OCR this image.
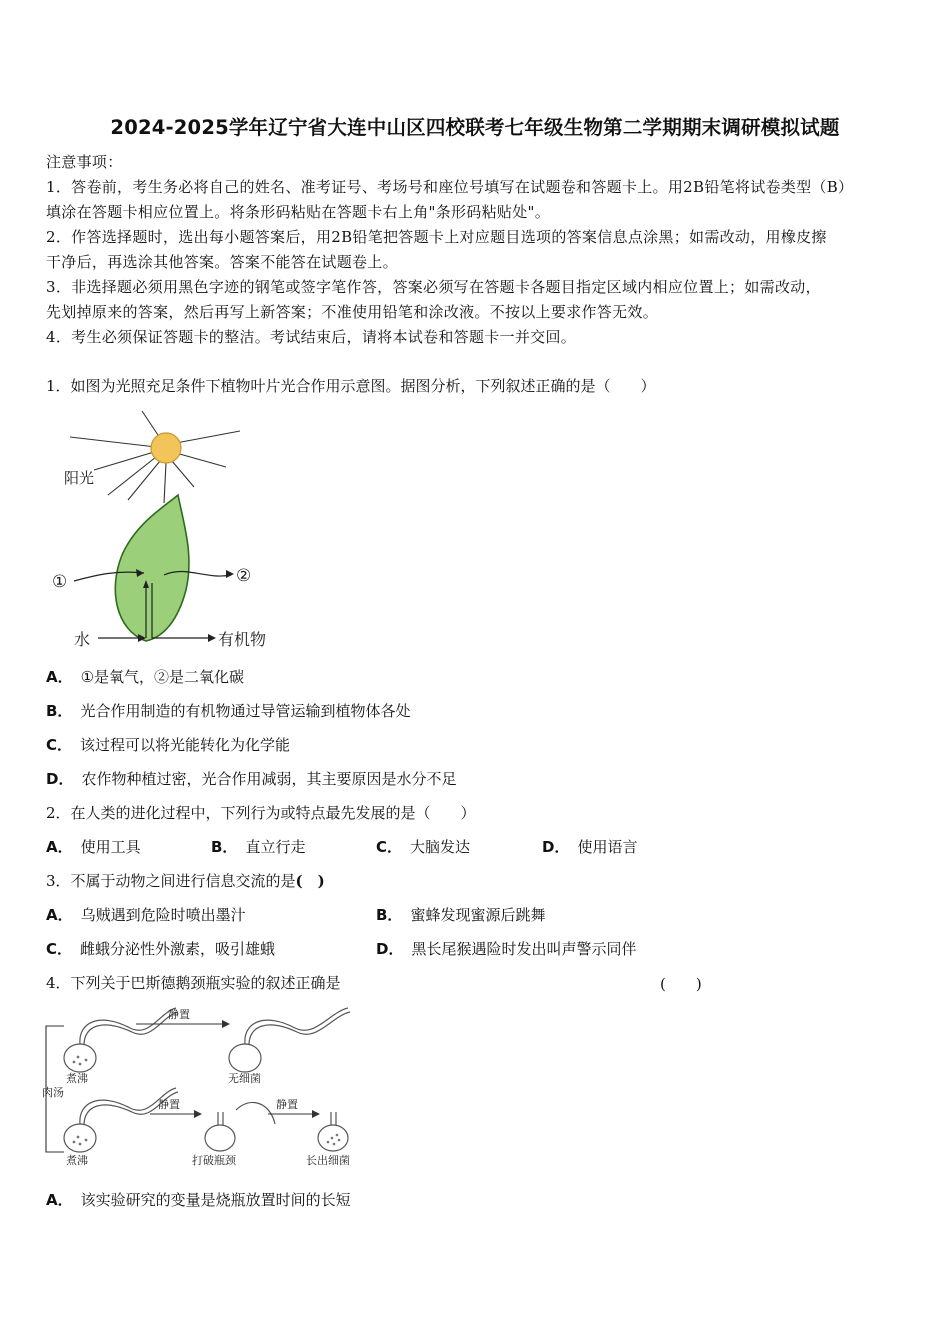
2024-2025学年辽宁省大连中山区四校联考七年级生物第二学期期末调研模拟试题
注意事项：
1．答卷前，考生务必将自己的姓名、准考证号、考场号和座位号填写在试题卷和答题卡上。用2B铅笔将试卷类型（B）
填涂在答题卡相应位置上。将条形码粘贴在答题卡右上角"条形码粘贴处"。
2．作答选择题时，选出每小题答案后，用2B铅笔把答题卡上对应题目选项的答案信息点涂黑；如需改动，用橡皮擦
干净后，再选涂其他答案。答案不能答在试题卷上。
3．非选择题必须用黑色字迹的钢笔或签字笔作答，答案必须写在答题卡各题目指定区域内相应位置上；如需改动，
先划掉原来的答案，然后再写上新答案；不准使用铅笔和涂改液。不按以上要求作答无效。
4．考生必须保证答题卡的整洁。考试结束后，请将本试卷和答题卡一并交回。
1．如图为光照充足条件下植物叶片光合作用示意图。据图分析，下列叙述正确的是（　　）
阳光
①	②
水	有机物
A． ①是氧气，②是二氧化碳
B． 光合作用制造的有机物通过导管运输到植物体各处
C． 该过程可以将光能转化为化学能
D． 农作物种植过密，光合作用减弱，其主要原因是水分不足
2．在人类的进化过程中，下列行为或特点最先发展的是（　　）
A． 使用工具	B． 直立行走	C． 大脑发达	D． 使用语言
3．不属于动物之间进行信息交流的是(　)
A． 乌贼遇到危险时喷出墨汁	B． 蜜蜂发现蜜源后跳舞
C． 雌蛾分泌性外激素，吸引雄蛾	D． 黑长尾猴遇险时发出叫声警示同伴
4．下列关于巴斯德鹅颈瓶实验的叙述正确是	(　　)
肉汤
煮沸
煮沸
静置
静置	静置
无细菌
打破瓶颈	长出细菌
A． 该实验研究的变量是烧瓶放置时间的长短
